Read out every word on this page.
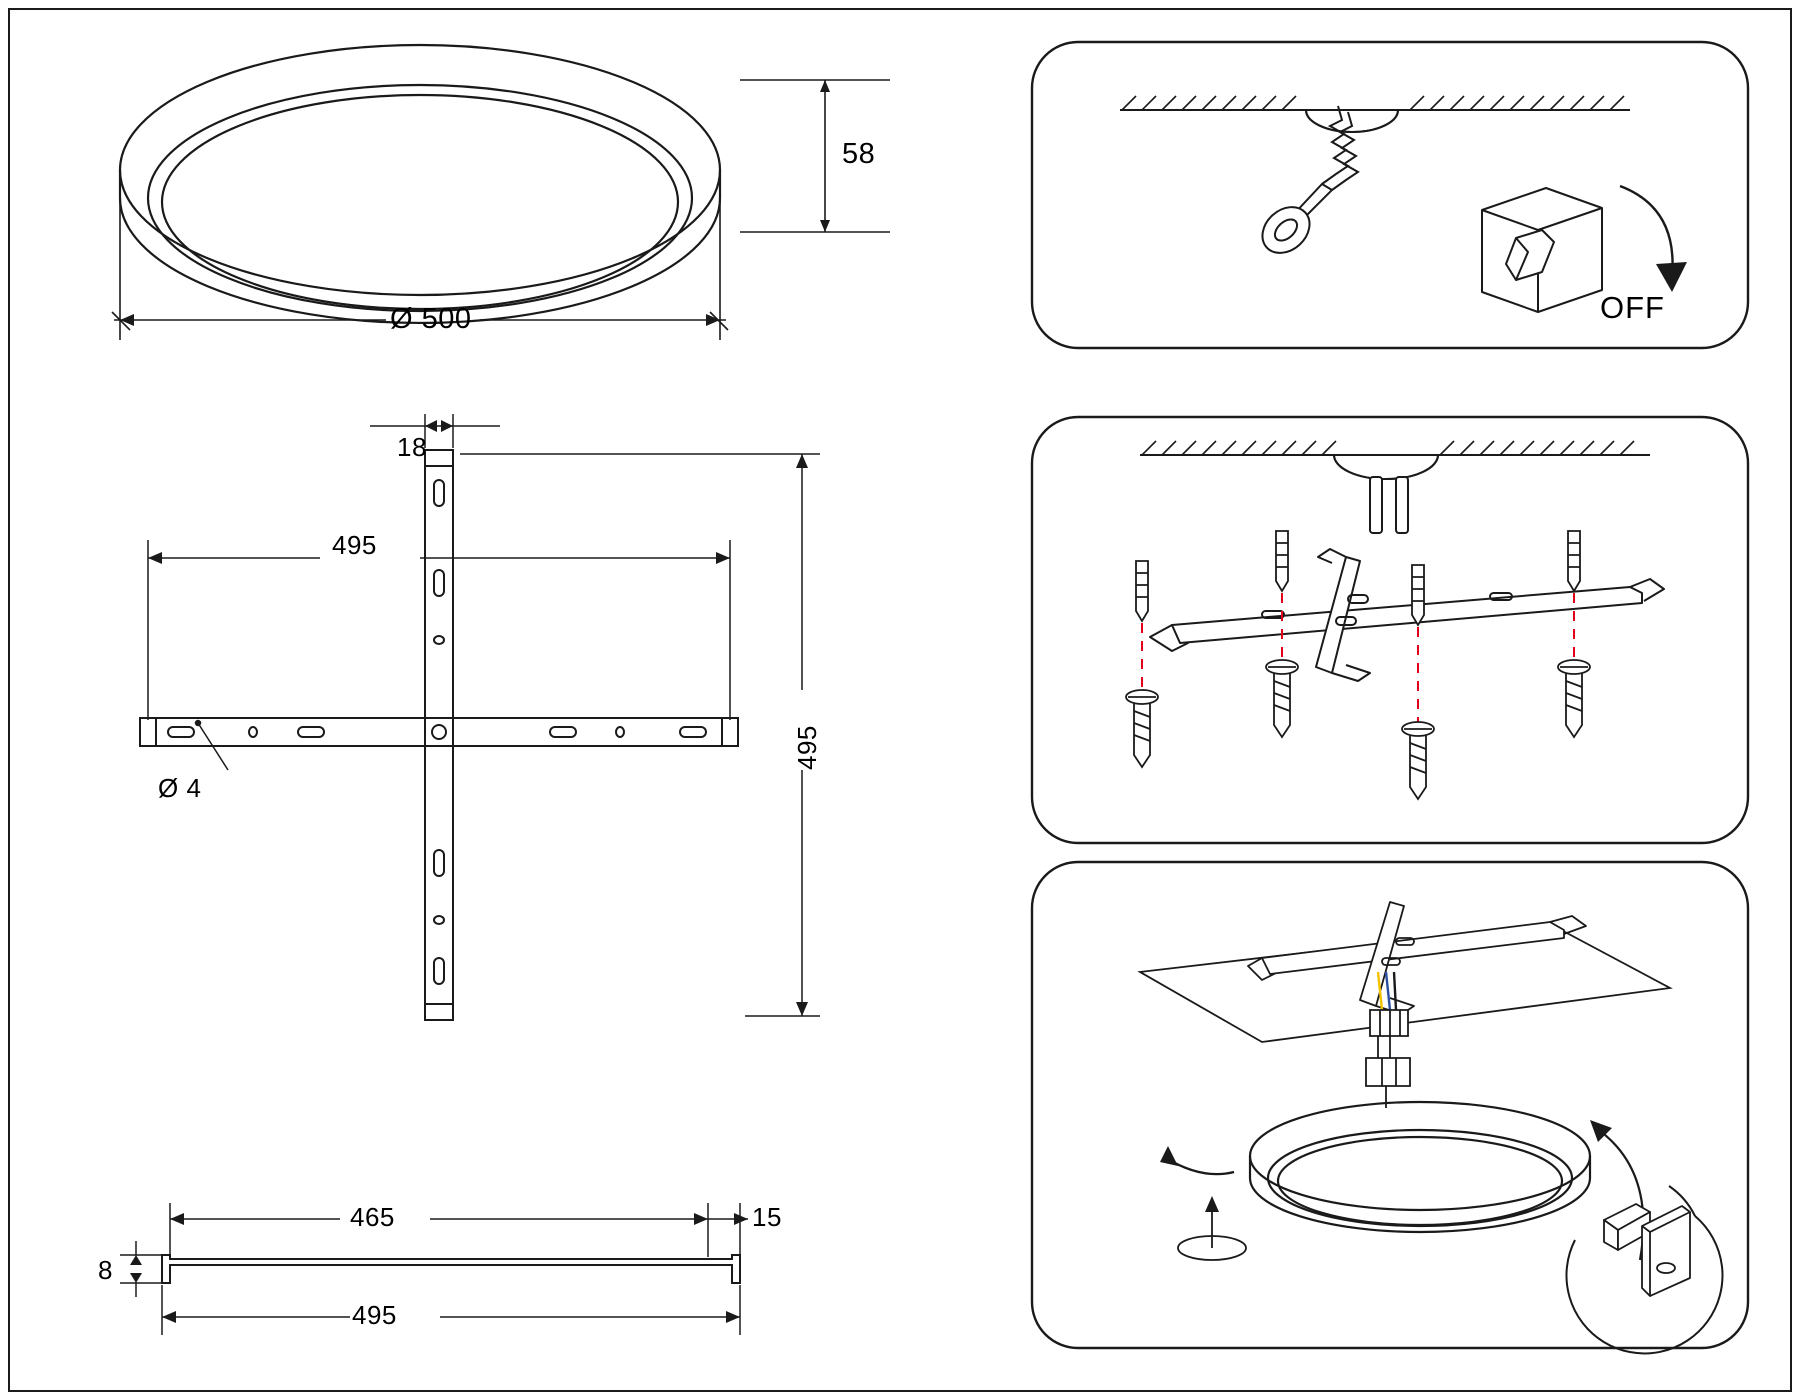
58
Ø 500
18
495
495
Ø 4
465	15
8
495
OFF
